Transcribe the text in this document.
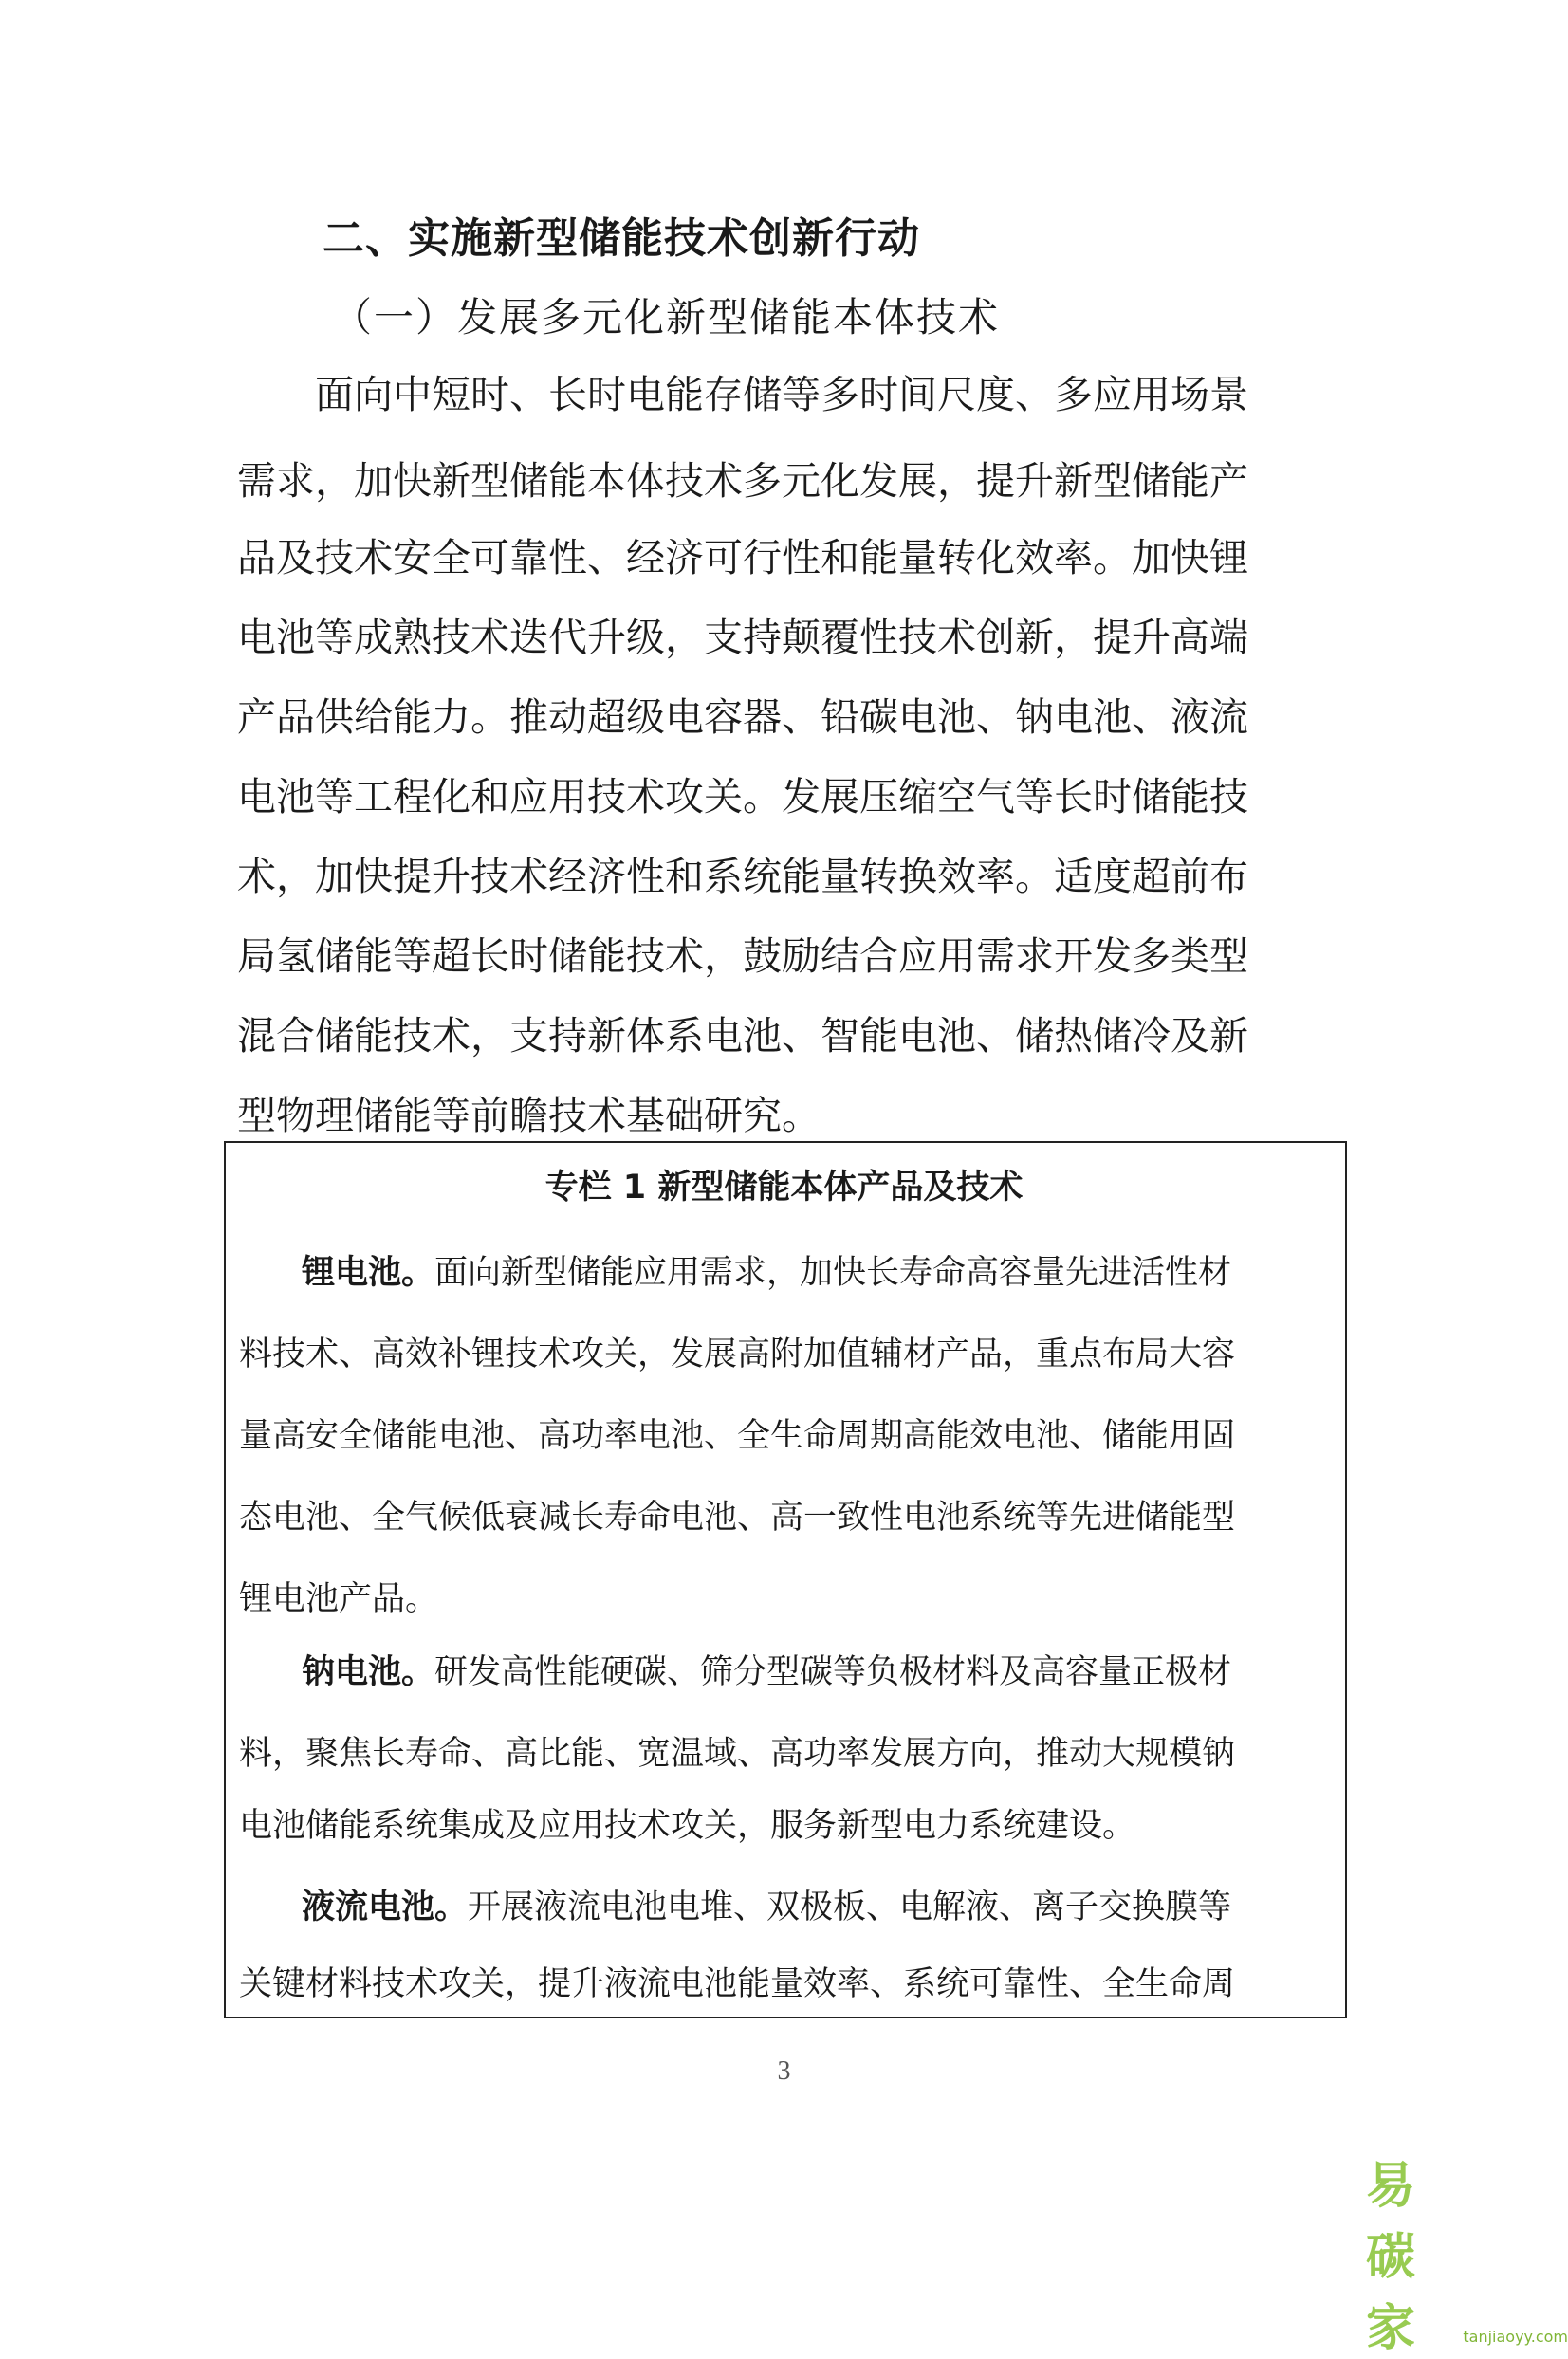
二、实施新型储能技术创新行动
（一）发展多元化新型储能本体技术
　　面向中短时、长时电能存储等多时间尺度、多应用场景
需求，加快新型储能本体技术多元化发展，提升新型储能产
品及技术安全可靠性、经济可行性和能量转化效率。加快锂
电池等成熟技术迭代升级，支持颠覆性技术创新，提升高端
产品供给能力。推动超级电容器、铅碳电池、钠电池、液流
电池等工程化和应用技术攻关。发展压缩空气等长时储能技
术，加快提升技术经济性和系统能量转换效率。适度超前布
局氢储能等超长时储能技术，鼓励结合应用需求开发多类型
混合储能技术，支持新体系电池、智能电池、储热储冷及新
型物理储能等前瞻技术基础研究。
专栏 1 新型储能本体产品及技术
锂电池。面向新型储能应用需求，加快长寿命高容量先进活性材
料技术、高效补锂技术攻关，发展高附加值辅材产品，重点布局大容
量高安全储能电池、高功率电池、全生命周期高能效电池、储能用固
态电池、全气候低衰减长寿命电池、高一致性电池系统等先进储能型
锂电池产品。
钠电池。研发高性能硬碳、筛分型碳等负极材料及高容量正极材
料，聚焦长寿命、高比能、宽温域、高功率发展方向，推动大规模钠
电池储能系统集成及应用技术攻关，服务新型电力系统建设。
液流电池。开展液流电池电堆、双极板、电解液、离子交换膜等
关键材料技术攻关，提升液流电池能量效率、系统可靠性、全生命周
3
易碳家	tanjiaoyy.com
